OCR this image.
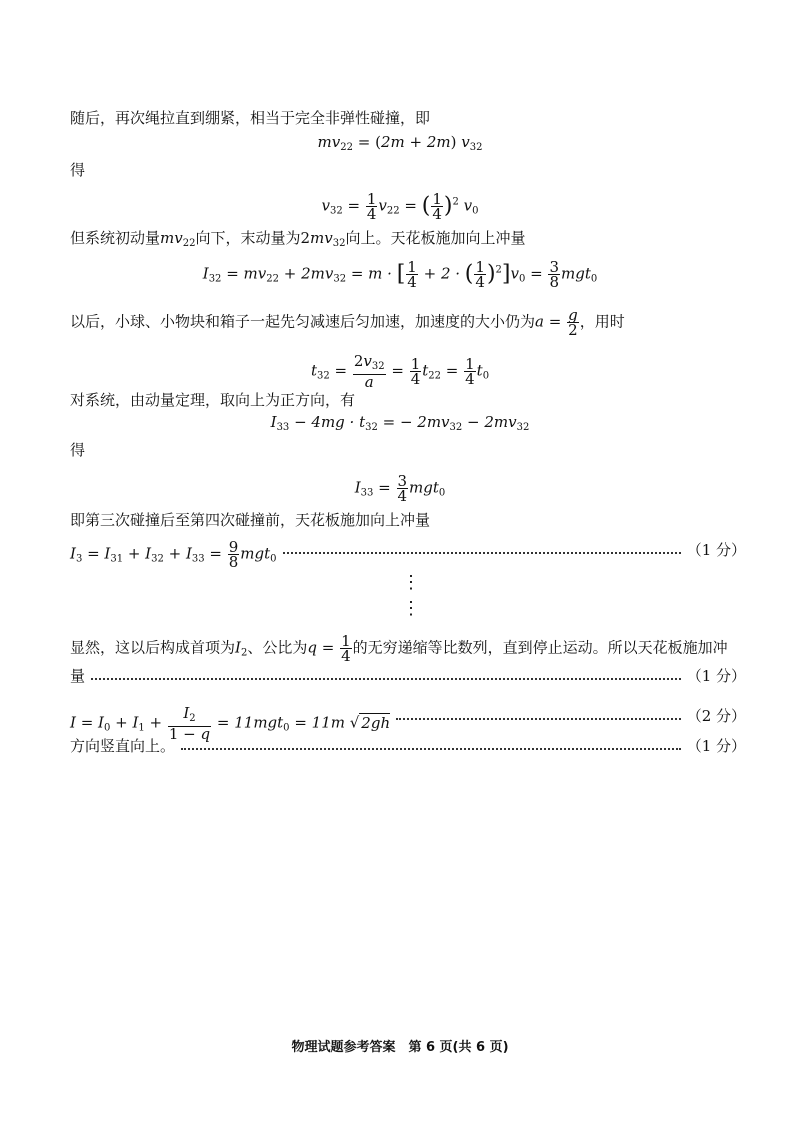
随后，再次绳拉直到绷紧，相当于完全非弹性碰撞，即
$mv_{22} = (2m + 2m)$ $v_{32}$
得
$v_{32} = \frac{1}{4} v_{22}$ = ( $\frac{1}{4} )^2$ $v_0$
但系统初动量$mv_{22}$向下，末动量为$2mv_{32}$向上。天花板施加向上冲量
$I_{32} = mv_{22} + 2mv_{32} = m$ · [ $\frac{1}{4} + 2$ · ( $\frac{1}{4} )^2]v_0 = \frac{3}{8} mgt_0$
以后，小球、小物块和箱子一起先匀减速后匀加速，加速度的大小仍为$a = \frac{g}{2}$ ，用时
$t_{32} = \frac{2v_{32}}{a} = \frac{1}{4} t_{22} = \frac{1}{4} t_0$
对系统，由动量定理，取向上为正方向，有
$I_{33} - 4mg \cdot t_{32}$ = − $2mv_{32} - 2mv_{32}$
得
$I_{33} = \frac{3}{4} mgt_0$
即第三次碰撞后至第四次碰撞前，天花板施加向上冲量
$I_3 = I_{31} + I_{32} + I_{33} = \frac{9}{8} mgt_0$	（1 分）
⋮
⋮
显然，这以后构成首项为$I_2$、公比为$q = \frac{1}{4}$ 的无穷递缩等比数列，直到停止运动。所以天花板施加冲
量	（1 分）
$I = I_0 + I_1 + \frac{I_2}{1 - q} = 11mgt_0 = 11m$ √ 2gh	（2 分）
方向竖直向上。	（1 分）
物理试题参考答案　第 6 页(共 6 页)
